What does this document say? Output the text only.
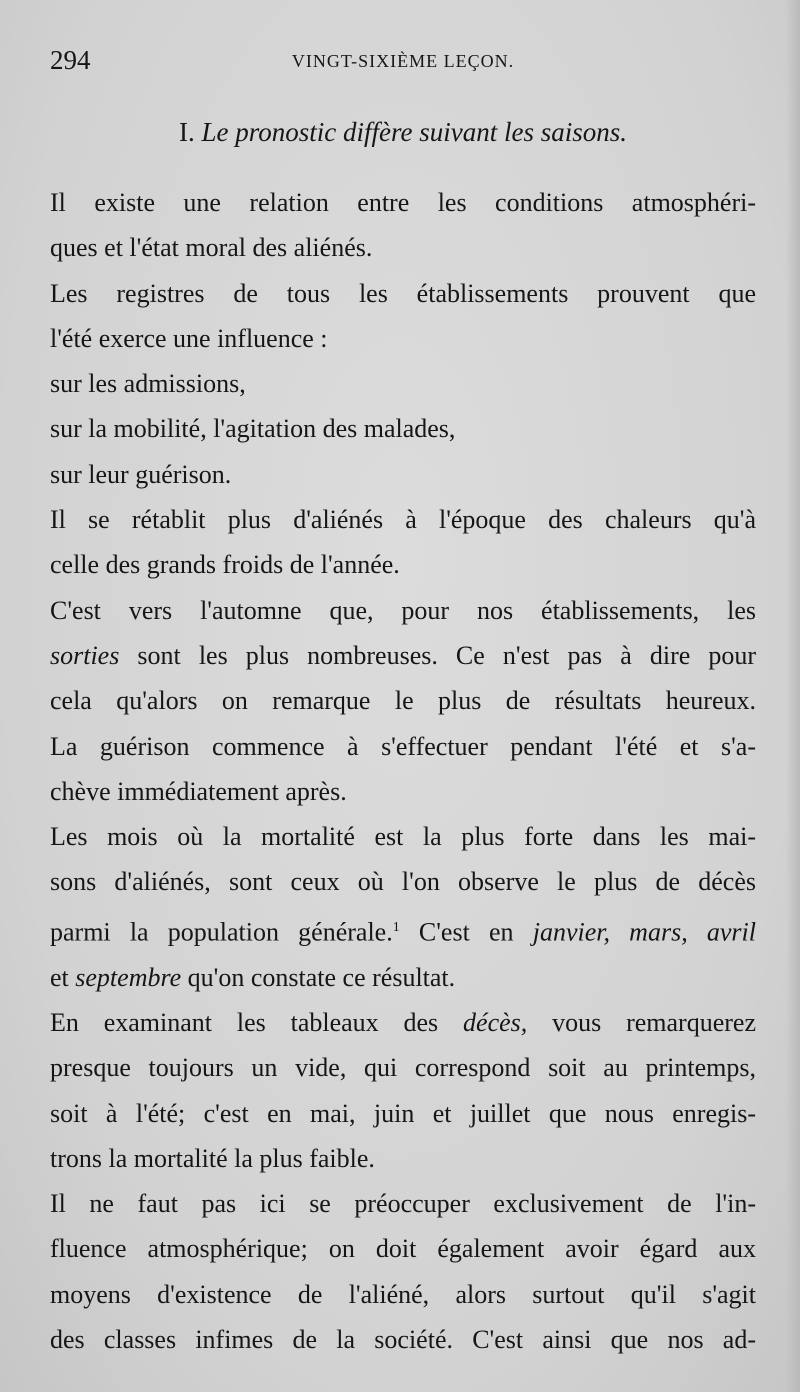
294	VINGT-SIXIÈME LEÇON.
I. Le pronostic diffère suivant les saisons.

Il existe une relation entre les conditions atmosphéri-

ques et l'état moral des aliénés.

Les registres de tous les établissements prouvent que

l'été exerce une influence :

sur les admissions,

sur la mobilité, l'agitation des malades,

sur leur guérison.

Il se rétablit plus d'aliénés à l'époque des chaleurs qu'à

celle des grands froids de l'année.

C'est vers l'automne que, pour nos établissements, les

sorties sont les plus nombreuses. Ce n'est pas à dire pour

cela qu'alors on remarque le plus de résultats heureux.

La guérison commence à s'effectuer pendant l'été et s'a-

chève immédiatement après.

Les mois où la mortalité est la plus forte dans les mai-

sons d'aliénés, sont ceux où l'on observe le plus de décès

parmi la population générale.$^1$ C'est en janvier, mars, avril

et septembre qu'on constate ce résultat.

En examinant les tableaux des décès, vous remarquerez

presque toujours un vide, qui correspond soit au printemps,

soit à l'été; c'est en mai, juin et juillet que nous enregis-

trons la mortalité la plus faible.

Il ne faut pas ici se préoccuper exclusivement de l'in-

fluence atmosphérique; on doit également avoir égard aux

moyens d'existence de l'aliéné, alors surtout qu'il s'agit

des classes infimes de la société. C'est ainsi que nos ad-
